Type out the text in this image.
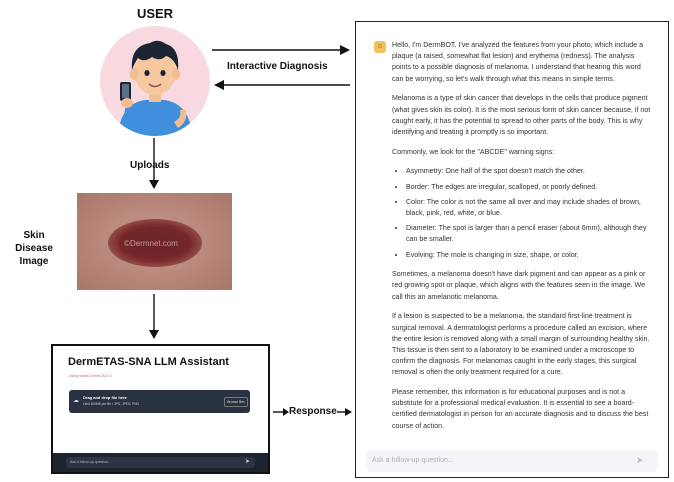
USER
Uploads
©Dermnet.com
Skin Disease
Image
DermETAS-SNA LLM Assistant
Using model: DermLLM 1.0
☁
Drag and drop file here
Limit 200MB per file • JPG, JPEG, PNG	Browse files
Ask a follow-up question...	➤
Interactive Diagnosis
Response
☺	Hello, I'm DermBOT. I've analyzed the features from your photo, which include a plaque (a raised, somewhat flat lesion) and erythema (redness). The analysis points to a possible diagnosis of melanoma. I understand that hearing this word can be worrying, so let's walk through what this means in simple terms.

Melanoma is a type of skin cancer that develops in the cells that produce pigment (what gives skin its color). It is the most serious form of skin cancer because, if not caught early, it has the potential to spread to other parts of the body. This is why identifying and treating it promptly is so important.

Commonly, we look for the "ABCDE" warning signs:

• Asymmetry: One half of the spot doesn't match the other.
• Border: The edges are irregular, scalloped, or poorly defined.
• Color: The color is not the same all over and may include shades of brown, black, pink, red, white, or blue.
• Diameter: The spot is larger than a pencil eraser (about 6mm), although they can be smaller.
• Evolving: The mole is changing in size, shape, or color.

Sometimes, a melanoma doesn't have dark pigment and can appear as a pink or red growing spot or plaque, which aligns with the features seen in the image. We call this an amelanotic melanoma.

If a lesion is suspected to be a melanoma, the standard first-line treatment is surgical removal. A dermatologist performs a procedure called an excision, where the entire lesion is removed along with a small margin of surrounding healthy skin. This tissue is then sent to a laboratory to be examined under a microscope to confirm the diagnosis. For melanomas caught in the early stages, this surgical removal is often the only treatment required for a cure.

Please remember, this information is for educational purposes and is not a substitute for a professional medical evaluation. It is essential to see a board-certified dermatologist in person for an accurate diagnosis and to discuss the best course of action.

Ask a follow-up question...	➤
